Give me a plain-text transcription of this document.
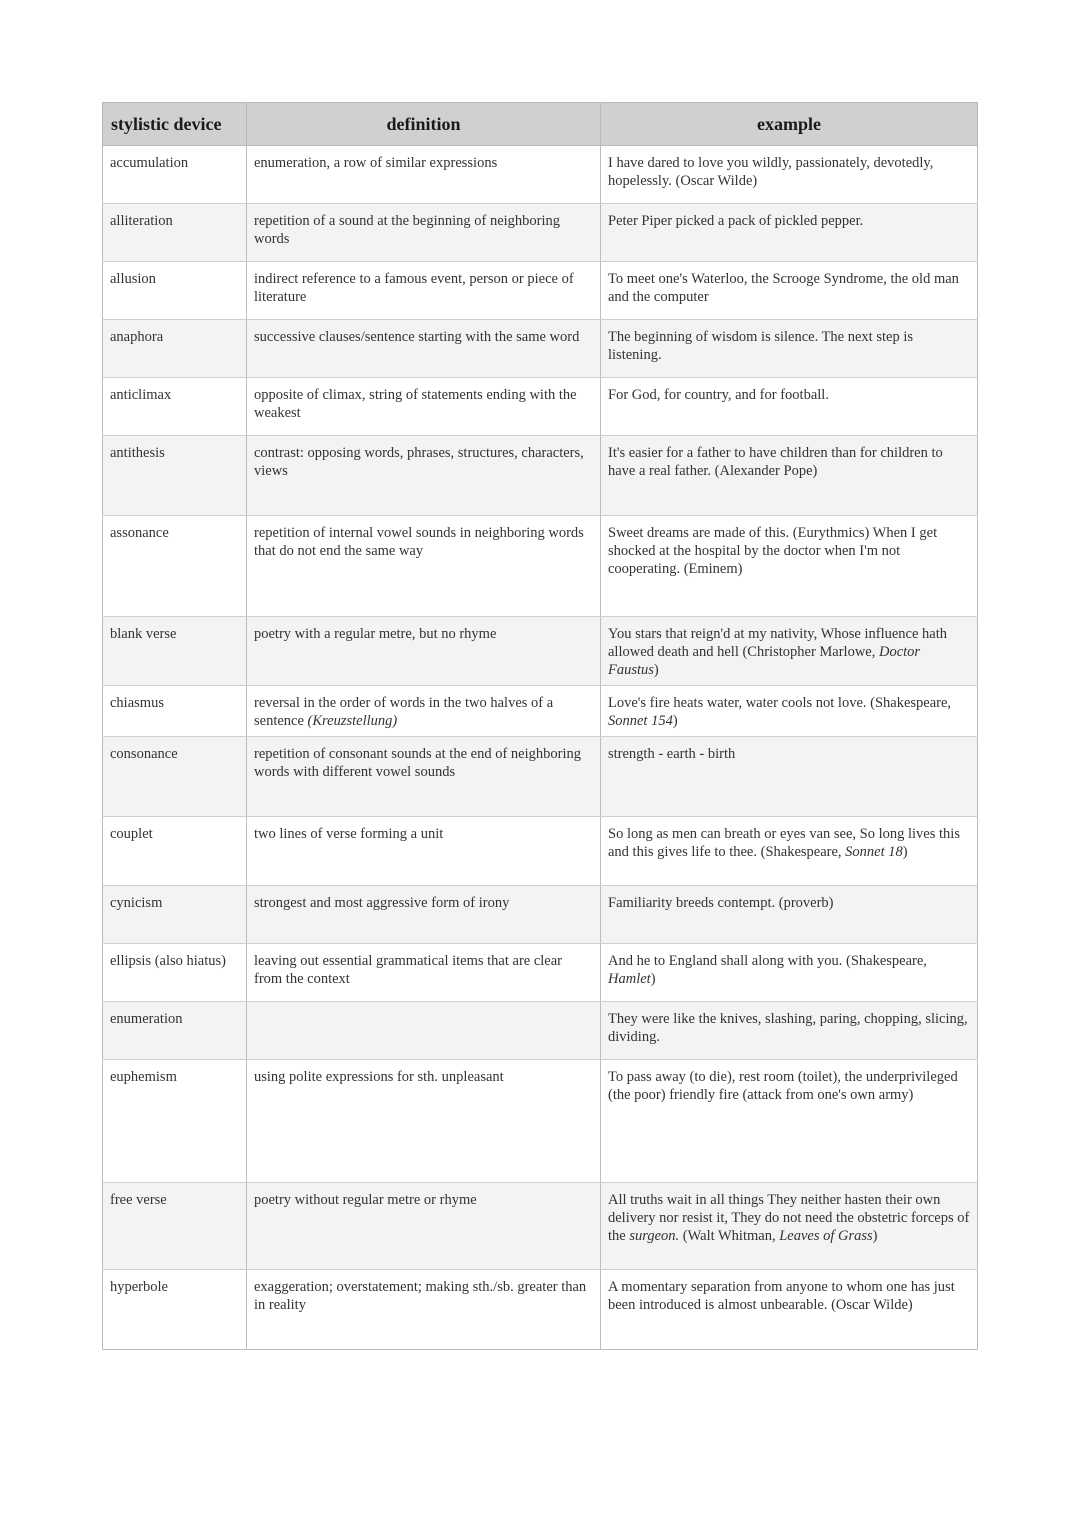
stylistic device	definition	example
accumulation	enumeration, a row of similar expressions	I have dared to love you wildly, passionately, devotedly, hopelessly. (Oscar Wilde)
alliteration	repetition of a sound at the beginning of neighboring words	Peter Piper picked a pack of pickled pepper.
allusion	indirect reference to a famous event, person or piece of literature	To meet one's Waterloo, the Scrooge Syndrome, the old man and the computer
anaphora	successive clauses/sentence starting with the same word	The beginning of wisdom is silence. The next step is listening.
anticlimax	opposite of climax, string of statements ending with the weakest	For God, for country, and for football.
antithesis	contrast: opposing words, phrases, structures, characters, views	It's easier for a father to have children than for children to have a real father. (Alexander Pope)
assonance	repetition of internal vowel sounds in neighboring words that do not end the same way	Sweet dreams are made of this. (Eurythmics) When I get shocked at the hospital by the doctor when I'm not cooperating. (Eminem)
blank verse	poetry with a regular metre, but no rhyme	You stars that reign'd at my nativity, Whose influence hath allowed death and hell (Christopher Marlowe, Doctor Faustus)
chiasmus	reversal in the order of words in the two halves of a sentence (Kreuzstellung)	Love's fire heats water, water cools not love. (Shakespeare, Sonnet 154)
consonance	repetition of consonant sounds at the end of neighboring words with different vowel sounds	strength - earth - birth
couplet	two lines of verse forming a unit	So long as men can breath or eyes van see, So long lives this and this gives life to thee. (Shakespeare, Sonnet 18)
cynicism	strongest and most aggressive form of irony	Familiarity breeds contempt. (proverb)
ellipsis (also hiatus)	leaving out essential grammatical items that are clear from the context	And he to England shall along with you. (Shakespeare, Hamlet)
enumeration		They were like the knives, slashing, paring, chopping, slicing, dividing.
euphemism	using polite expressions for sth. unpleasant	To pass away (to die), rest room (toilet), the underprivileged (the poor) friendly fire (attack from one's own army)
free verse	poetry without regular metre or rhyme	All truths wait in all things They neither hasten their own delivery nor resist it, They do not need the obstetric forceps of the surgeon. (Walt Whitman, Leaves of Grass)
hyperbole	exaggeration; overstatement; making sth./sb. greater than in reality	A momentary separation from anyone to whom one has just been introduced is almost unbearable. (Oscar Wilde)
